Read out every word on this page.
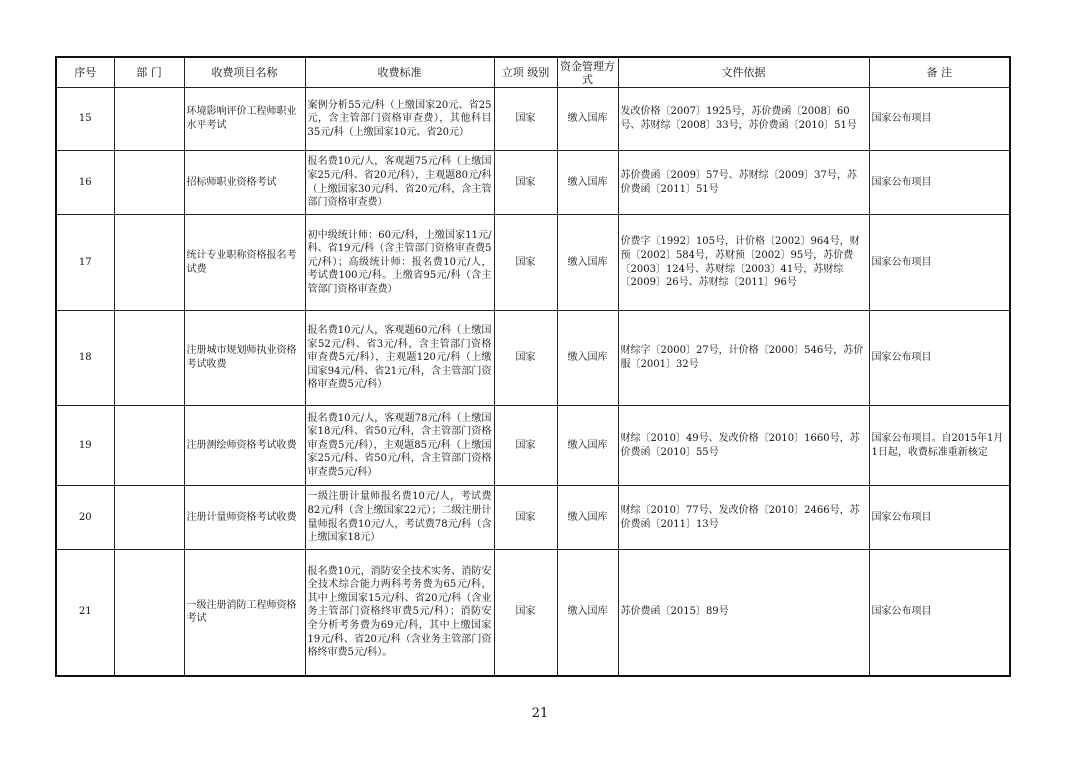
序号	部 门	收费项目名称	收费标准	立项 级别	资金管理方式	文件依据	备 注
15		环境影响评价工程师职业水平考试	案例分析55元/科（上缴国家20元、省25元，含主管部门资格审查费），其他科目35元/科（上缴国家10元、省20元）	国家	缴入国库	发改价格〔2007〕1925号，苏价费函〔2008〕60号、苏财综〔2008〕33号，苏价费函〔2010〕51号	国家公布项目
16		招标师职业资格考试	报名费10元/人，客观题75元/科（上缴国家25元/科、省20元/科），主观题80元/科（上缴国家30元/科、省20元/科，含主管部门资格审查费）	国家	缴入国库	苏价费函〔2009〕57号、苏财综〔2009〕37号，苏价费函〔2011〕51号	国家公布项目
17		统计专业职称资格报名考试费	初中级统计师：60元/科，上缴国家11元/科、省19元/科（含主管部门资格审查费5元/科）；高级统计师：报名费10元/人，考试费100元/科。上缴省95元/科（含主管部门资格审查费）	国家	缴入国库	价费字〔1992〕105号，计价格〔2002〕964号，财预〔2002〕584号，苏财预〔2002〕95号，苏价费〔2003〕124号、苏财综〔2003〕41号，苏财综〔2009〕26号、苏财综〔2011〕96号	国家公布项目
18		注册城市规划师执业资格考试收费	报名费10元/人，客观题60元/科（上缴国家52元/科、省3元/科，含主管部门资格审查费5元/科），主观题120元/科（上缴国家94元/科、省21元/科，含主管部门资格审查费5元/科）	国家	缴入国库	财综字〔2000〕27号，计价格〔2000〕546号，苏价服〔2001〕32号	国家公布项目
19		注册测绘师资格考试收费	报名费10元/人，客观题78元/科（上缴国家18元/科、省50元/科，含主管部门资格审查费5元/科），主观题85元/科（上缴国家25元/科、省50元/科，含主管部门资格审查费5元/科）	国家	缴入国库	财综〔2010〕49号、发改价格〔2010〕1660号，苏价费函〔2010〕55号	国家公布项目。自2015年1月1日起，收费标准重新核定
20		注册计量师资格考试收费	一级注册计量师报名费10元/人，考试费82元/科（含上缴国家22元）；二级注册计量师报名费10元/人，考试费78元/科（含上缴国家18元）	国家	缴入国库	财综〔2010〕77号、发改价格〔2010〕2466号，苏价费函〔2011〕13号	国家公布项目
21		一级注册消防工程师资格考试	报名费10元，消防安全技术实务、消防安全技术综合能力两科考务费为65元/科，其中上缴国家15元/科、省20元/科（含业务主管部门资格终审费5元/科）；消防安全分析考务费为69元/科，其中上缴国家19元/科、省20元/科（含业务主管部门资格终审费5元/科）。	国家	缴入国库	苏价费函〔2015〕89号	国家公布项目
21
